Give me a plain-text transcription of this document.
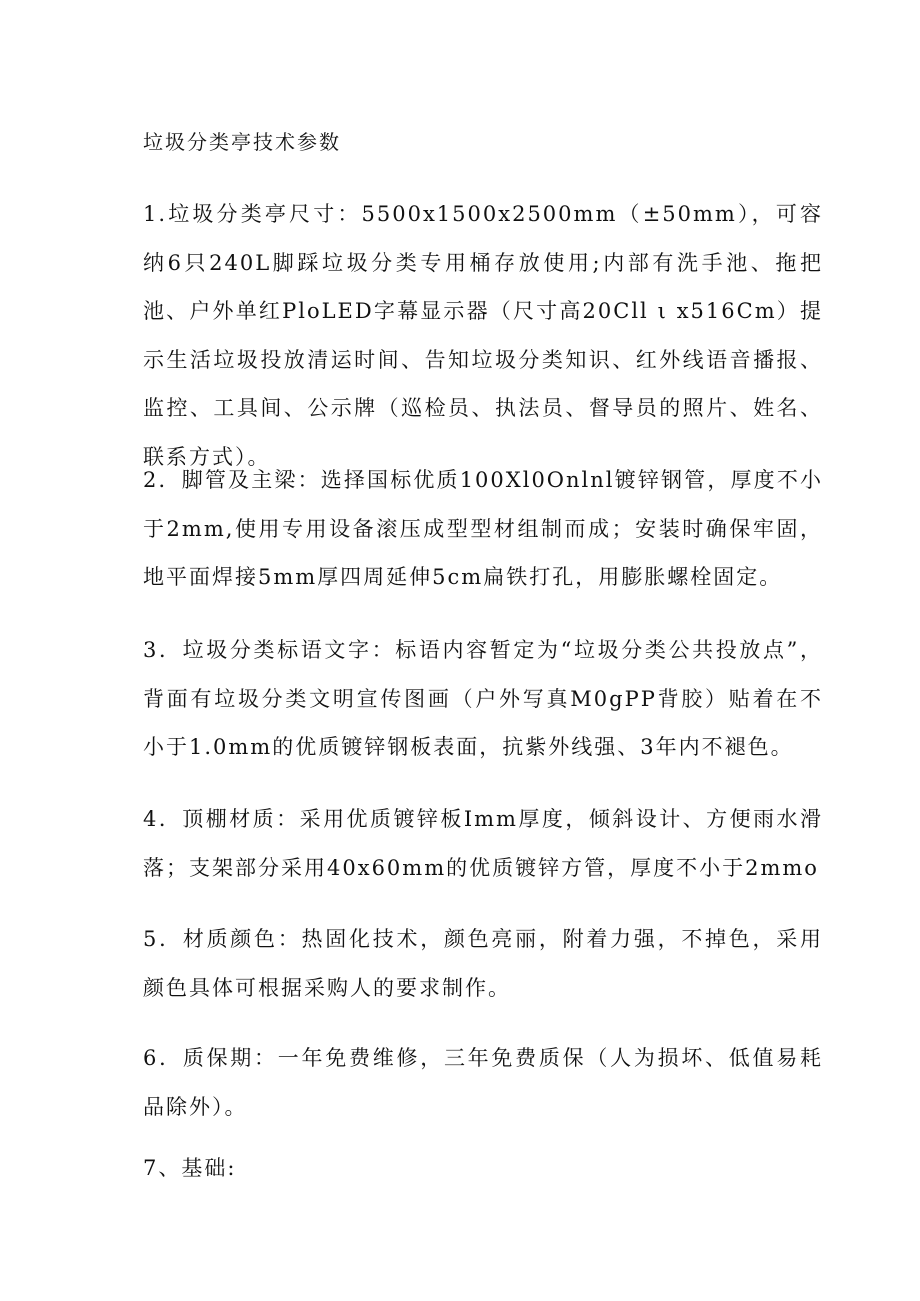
垃圾分类亭技术参数
1.垃圾分类亭尺寸：5500x1500x2500mm（±50mm），可容纳6只240L脚踩垃圾分类专用桶存放使用;内部有洗手池、拖把池、户外单红PloLED字幕显示器（尺寸高20Cll ι x516Cm）提示生活垃圾投放清运时间、告知垃圾分类知识、红外线语音播报、监控、工具间、公示牌（巡检员、执法员、督导员的照片、姓名、联系方式）。
2．脚管及主梁：选择国标优质100Xl0Onlnl镀锌钢管，厚度不小于2mm,使用专用设备滚压成型型材组制而成；安装时确保牢固，地平面焊接5mm厚四周延伸5cm扁铁打孔，用膨胀螺栓固定。
3．垃圾分类标语文字：标语内容暂定为“垃圾分类公共投放点”，背面有垃圾分类文明宣传图画（户外写真M0gPP背胶）贴着在不小于1.0mm的优质镀锌钢板表面，抗紫外线强、3年内不褪色。
4．顶棚材质：采用优质镀锌板Imm厚度，倾斜设计、方便雨水滑落；支架部分采用40x60mm的优质镀锌方管，厚度不小于2mmo
5．材质颜色：热固化技术，颜色亮丽，附着力强，不掉色，采用颜色具体可根据采购人的要求制作。
6．质保期：一年免费维修，三年免费质保（人为损坏、低值易耗品除外）。
7、基础:
